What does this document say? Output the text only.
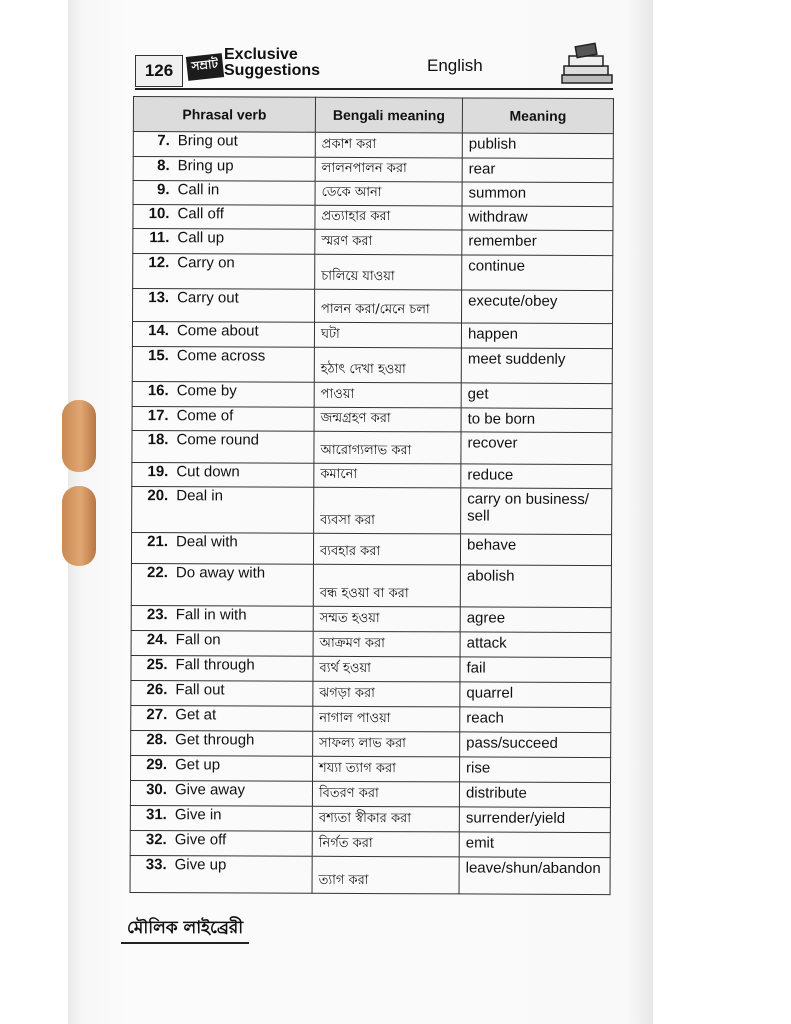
126	সম্রাট
Exclusive
Suggestions	English
Phrasal verb	Bengali meaning	Meaning
7. Bring out	প্রকাশ করা	publish
8. Bring up	লালনপালন করা	rear
9. Call in	ডেকে আনা	summon
10. Call off	প্রত্যাহার করা	withdraw
11. Call up	স্মরণ করা	remember
12. Carry on	চালিয়ে যাওয়া	continue
13. Carry out	পালন করা/মেনে চলা	execute/obey
14. Come about	ঘটা	happen
15. Come across	হঠাৎ দেখা হওয়া	meet suddenly
16. Come by	পাওয়া	get
17. Come of	জন্মগ্রহণ করা	to be born
18. Come round	আরোগ্যলাভ করা	recover
19. Cut down	কমানো	reduce
20. Deal in	ব্যবসা করা	carry on business/ sell
21. Deal with	ব্যবহার করা	behave
22. Do away with	বন্ধ হওয়া বা করা	abolish
23. Fall in with	সম্মত হওয়া	agree
24. Fall on	আক্রমণ করা	attack
25. Fall through	ব্যর্থ হওয়া	fail
26. Fall out	ঝগড়া করা	quarrel
27. Get at	নাগাল পাওয়া	reach
28. Get through	সাফল্য লাভ করা	pass/succeed
29. Get up	শয্যা ত্যাগ করা	rise
30. Give away	বিতরণ করা	distribute
31. Give in	বশ্যতা স্বীকার করা	surrender/yield
32. Give off	নির্গত করা	emit
33. Give up	ত্যাগ করা	leave/shun/abandon
মৌলিক লাইব্রেরী
